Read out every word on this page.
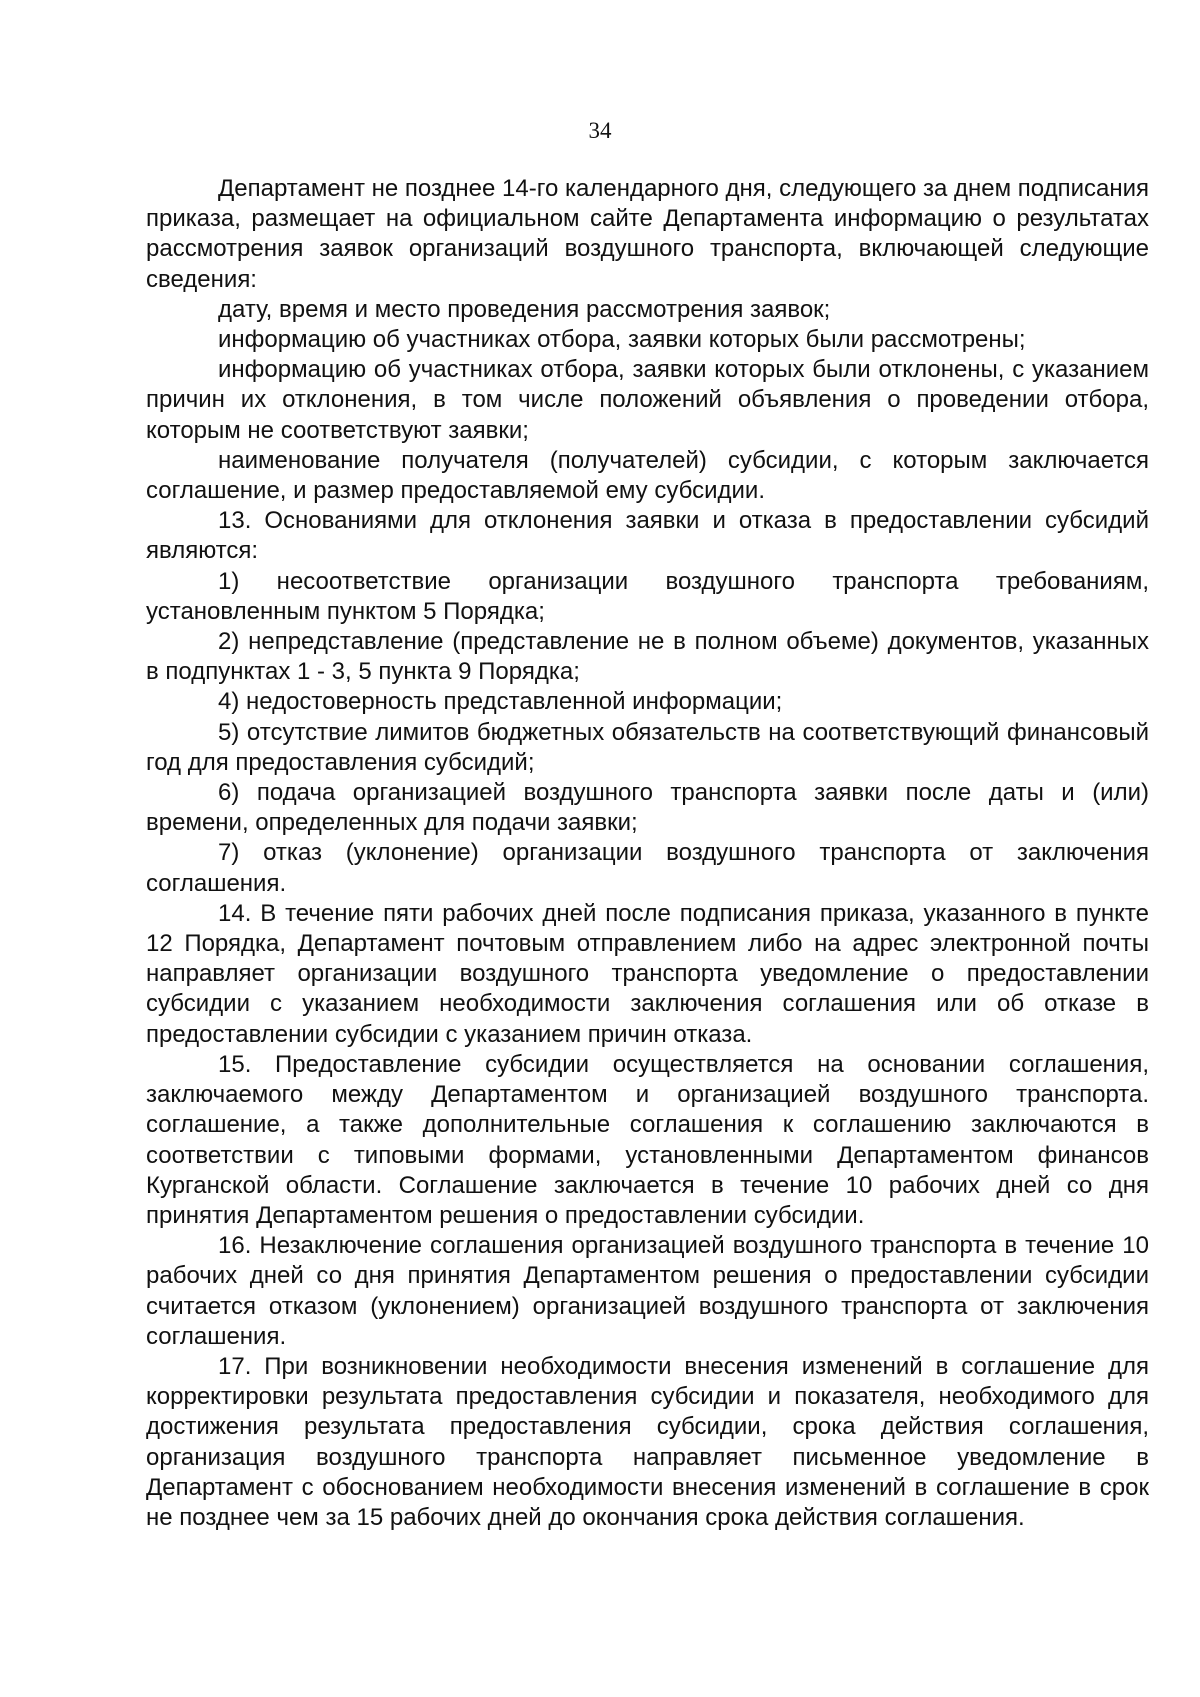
34

Департамент не позднее 14-го календарного дня, следующего за днем подписания приказа, размещает на официальном сайте Департамента информацию о результатах рассмотрения заявок организаций воздушного транспорта, включающей следующие сведения:

дату, время и место проведения рассмотрения заявок;

информацию об участниках отбора, заявки которых были рассмотрены;

информацию об участниках отбора, заявки которых были отклонены, с указанием причин их отклонения, в том числе положений объявления о проведении отбора, которым не соответствуют заявки;

наименование получателя (получателей) субсидии, с которым заключается соглашение, и размер предоставляемой ему субсидии.

13. Основаниями для отклонения заявки и отказа в предоставлении субсидий являются:

1) несоответствие организации воздушного транспорта требованиям, установленным пунктом 5 Порядка;

2) непредставление (представление не в полном объеме) документов, указанных в подпунктах 1 - 3, 5 пункта 9 Порядка;

4) недостоверность представленной информации;

5) отсутствие лимитов бюджетных обязательств на соответствующий финансовый год для предоставления субсидий;

6) подача организацией воздушного транспорта заявки после даты и (или) времени, определенных для подачи заявки;

7) отказ (уклонение) организации воздушного транспорта от заключения соглашения.

14. В течение пяти рабочих дней после подписания приказа, указанного в пункте 12 Порядка, Департамент почтовым отправлением либо на адрес электронной почты направляет организации воздушного транспорта уведомление о предоставлении субсидии с указанием необходимости заключения соглашения или об отказе в предоставлении субсидии с указанием причин отказа.

15. Предоставление субсидии осуществляется на основании соглашения, заключаемого между Департаментом и организацией воздушного транспорта. соглашение, а также дополнительные соглашения к соглашению заключаются в соответствии с типовыми формами, установленными Департаментом финансов Курганской области. Соглашение заключается в течение 10 рабочих дней со дня принятия Департаментом решения о предоставлении субсидии.

16. Незаключение соглашения организацией воздушного транспорта в течение 10 рабочих дней со дня принятия Департаментом решения о предоставлении субсидии считается отказом (уклонением) организацией воздушного транспорта от заключения соглашения.

17. При возникновении необходимости внесения изменений в соглашение для корректировки результата предоставления субсидии и показателя, необходимого для достижения результата предоставления субсидии, срока действия соглашения, организация воздушного транспорта направляет письменное уведомление в Департамент с обоснованием необходимости внесения изменений в соглашение в срок не позднее чем за 15 рабочих дней до окончания срока действия соглашения.
